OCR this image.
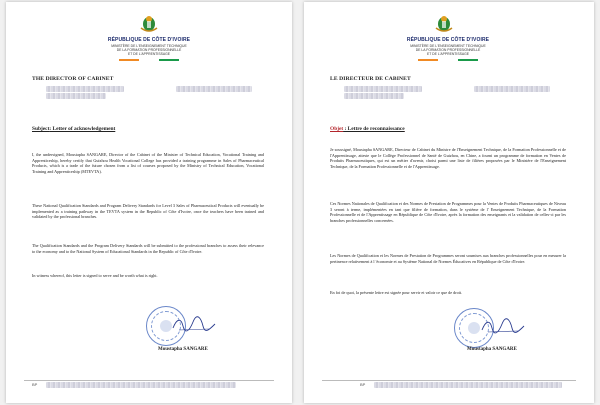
RÉPUBLIQUE DE CÔTE D'IVOIRE
MINISTÈRE DE L'ENSEIGNEMENT TECHNIQUE
DE LA FORMATION PROFESSIONNELLE
ET DE L'APPRENTISSAGE
THE DIRECTOR OF CABINET
Subject: Letter of acknowledgement
I, the undersigned, Moustapha SANGARE, Director of the Cabinet of the Minister of Technical Education, Vocational Training and Apprenticeship, hereby certify that Guizhou Health Vocational College has provided a training programme in Sales of Pharmaceutical Products, which is a trade of the future chosen from a list of courses proposed by the Ministry of Technical Education, Vocational Training and Apprenticeship (MTEVTA).
These National Qualification Standards and Program Delivery Standards for Level 3 Sales of Pharmaceutical Products will eventually be implemented as a training pathway in the TEVTA system in the Republic of Côte d'Ivoire, once the teachers have been trained and validated by the professional branches.
The Qualification Standards and the Program Delivery Standards will be submitted to the professional branches to assess their relevance to the economy and to the National System of Educational Standards in the Republic of Côte d'Ivoire.
In witness whereof, this letter is signed to serve and be worth what is right.
Moustapha SANGARE
BP
RÉPUBLIQUE DE CÔTE D'IVOIRE
MINISTÈRE DE L'ENSEIGNEMENT TECHNIQUE
DE LA FORMATION PROFESSIONNELLE
ET DE L'APPRENTISSAGE
LE DIRECTEUR DE CABINET
Objet : Lettre de reconnaissance
Je soussigné, Moustapha SANGARE, Directeur de Cabinet du Ministre de l'Enseignement Technique, de la Formation Professionnelle et de l'Apprentissage, atteste que le Collège Professionnel de Santé de Guizhou, en Chine, a fourni un programme de formation en Ventes de Produits Pharmaceutiques, qui est un métier d'avenir, choisi parmi une liste de filières proposées par le Ministère de l'Enseignement Technique, de la Formation Professionnelle et de l'Apprentissage.
Ces Normes Nationales de Qualification et des Normes de Prestation de Programmes pour la Ventes de Produits Pharmaceutiques de Niveau 3 seront à terme, implémentées en tant que filière de formation, dans le système de l' Enseignement Technique, de la Formation Professionnelle et de l'Apprentissage en République de Côte d'Ivoire, après la formation des enseignants et la validation de celles-ci par les branches professionnelles concernées.
Les Normes de Qualification et les Normes de Prestation de Programmes seront soumises aux branches professionnelles pour en mesurer la pertinence relativement à l 'économie et au Système National de Normes Éducatives en République de Côte d'Ivoire.
En foi de quoi, la présente lettre est signée pour servir et valoir ce que de droit.
Moustapha SANGARE
BP
